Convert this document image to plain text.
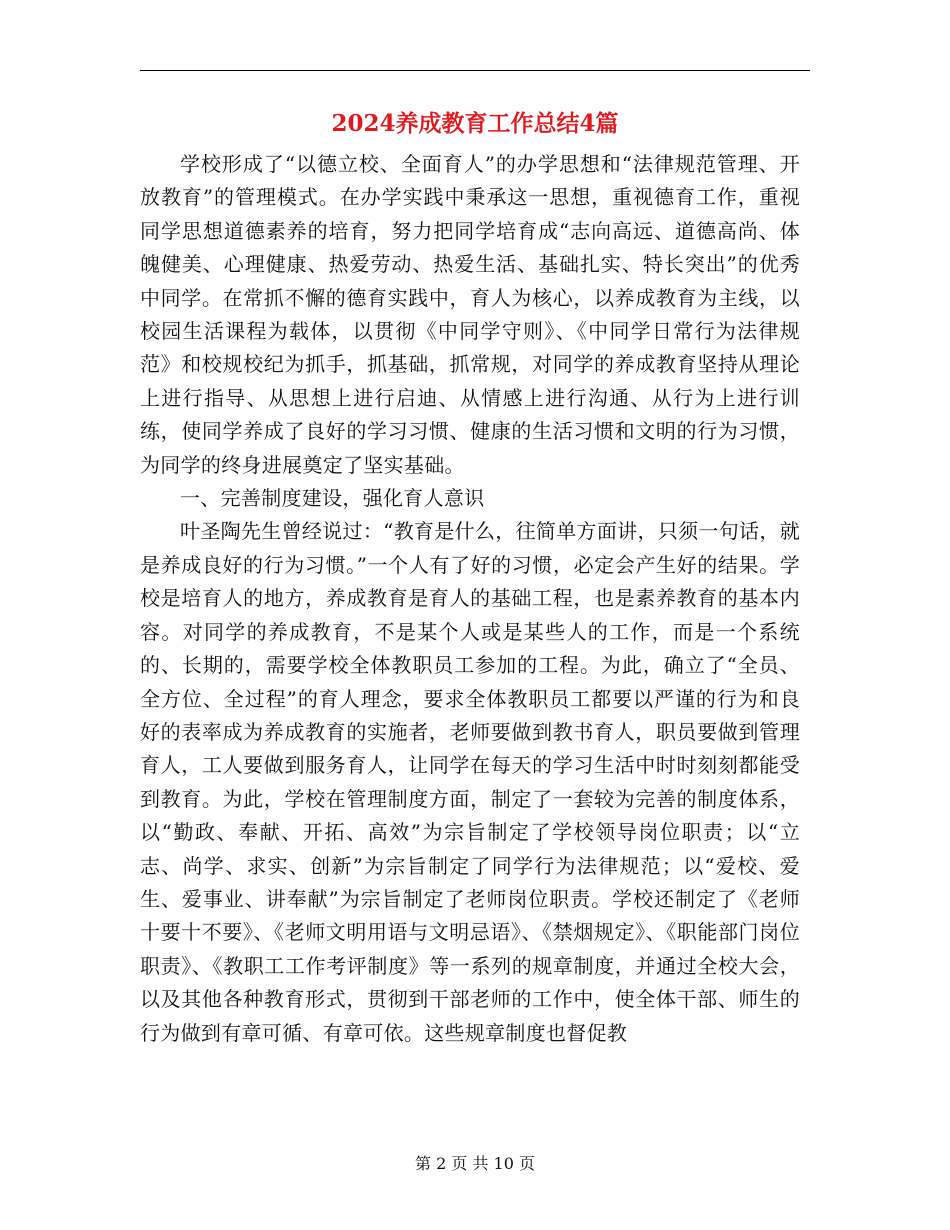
2024养成教育工作总结4篇

学校形成了“以德立校、全面育人”的办学思想和“法律规范管理、开放教育”的管理模式。在办学实践中秉承这一思想，重视德育工作，重视同学思想道德素养的培育，努力把同学培育成“志向高远、道德高尚、体魄健美、心理健康、热爱劳动、热爱生活、基础扎实、特长突出”的优秀中同学。在常抓不懈的德育实践中，育人为核心，以养成教育为主线，以校园生活课程为载体，以贯彻《中同学守则》、《中同学日常行为法律规范》和校规校纪为抓手，抓基础，抓常规，对同学的养成教育坚持从理论上进行指导、从思想上进行启迪、从情感上进行沟通、从行为上进行训练，使同学养成了良好的学习习惯、健康的生活习惯和文明的行为习惯，为同学的终身进展奠定了坚实基础。

一、完善制度建设，强化育人意识

叶圣陶先生曾经说过：“教育是什么，往简单方面讲，只须一句话，就是养成良好的行为习惯。”一个人有了好的习惯，必定会产生好的结果。学校是培育人的地方，养成教育是育人的基础工程，也是素养教育的基本内容。对同学的养成教育，不是某个人或是某些人的工作，而是一个系统的、长期的，需要学校全体教职员工参加的工程。为此，确立了“全员、全方位、全过程”的育人理念，要求全体教职员工都要以严谨的行为和良好的表率成为养成教育的实施者，老师要做到教书育人，职员要做到管理育人，工人要做到服务育人，让同学在每天的学习生活中时时刻刻都能受到教育。为此，学校在管理制度方面，制定了一套较为完善的制度体系，以“勤政、奉献、开拓、高效”为宗旨制定了学校领导岗位职责；以“立志、尚学、求实、创新”为宗旨制定了同学行为法律规范；以“爱校、爱生、爱事业、讲奉献”为宗旨制定了老师岗位职责。学校还制定了《老师十要十不要》、《老师文明用语与文明忌语》、《禁烟规定》、《职能部门岗位职责》、《教职工工作考评制度》等一系列的规章制度，并通过全校大会，以及其他各种教育形式，贯彻到干部老师的工作中，使全体干部、师生的行为做到有章可循、有章可依。这些规章制度也督促教

第 2 页 共 10 页
